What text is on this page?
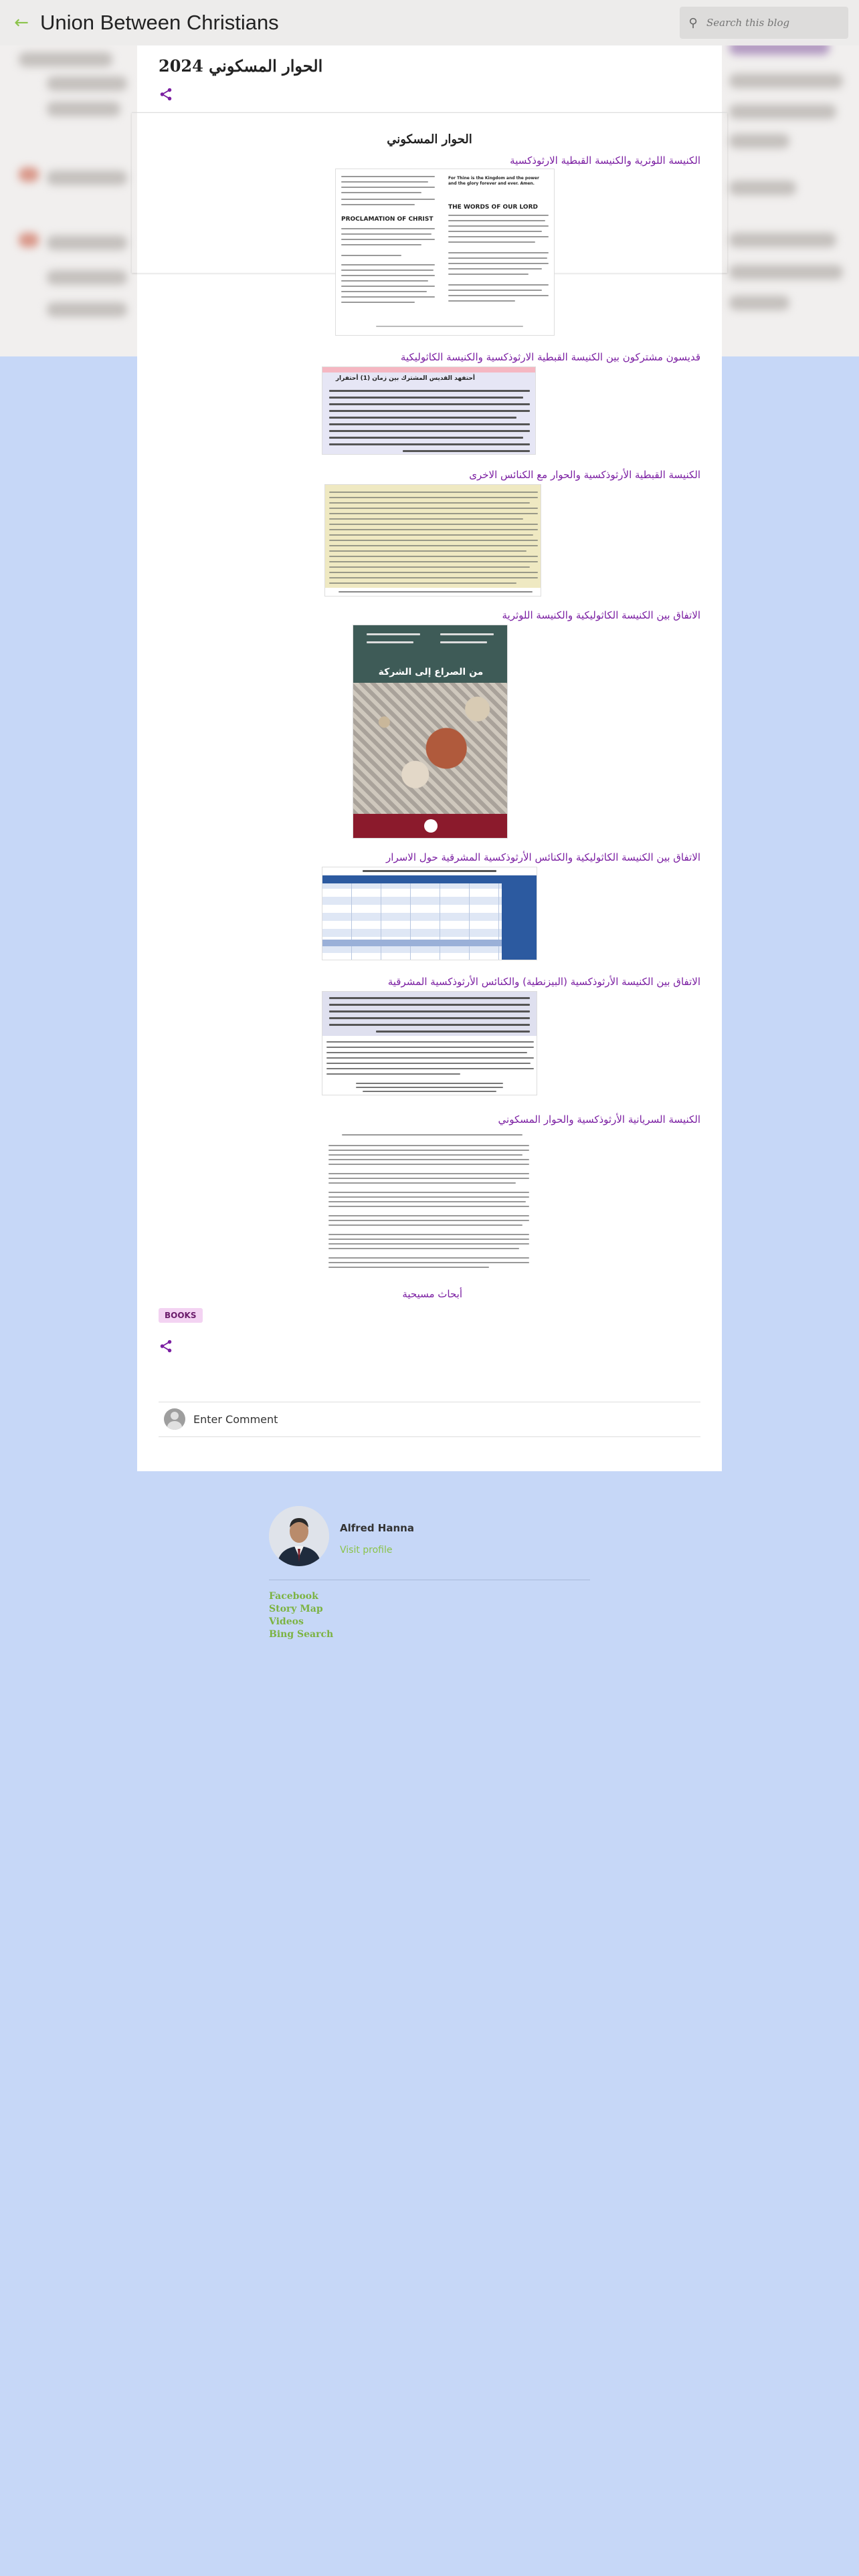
← Union Between Christians	⚲
Search this blog
الحوار المسكوني 2024
الحوار المسكوني
الكنيسة اللوثرية والكنيسة القبطية الارثوذكسية
PROCLAMATION OF CHRIST
THE WORDS OF OUR LORD
For Thine is the Kingdom and the power and the glory forever and ever. Amen.
قديسون مشتركون بين الكنيسة القبطية الارثوذكسية والكنيسة الكاثوليكية
أحتفهد القديس المشترك بين زمان (1) أحتفرار
الكنيسة القبطية الأرثوذكسية والحوار مع الكنائس الاخرى
الاتفاق بين الكنيسة الكاثوليكية والكنيسة اللوثرية
من الصراع إلى الشركة
الاتفاق بين الكنيسة الكاثوليكية والكنائس الأرثوذكسية المشرقية حول الاسرار
الاتفاق بين الكنيسة الأرثوذكسية (البيزنطية) والكنائس الأرثوذكسية المشرقية
الكنيسة السريانية الأرثوذكسية والحوار المسكوني
أبحاث مسيحية
BOOKS
Enter Comment
Alfred Hanna
Visit profile
Facebook
Story Map
Videos
Bing Search
